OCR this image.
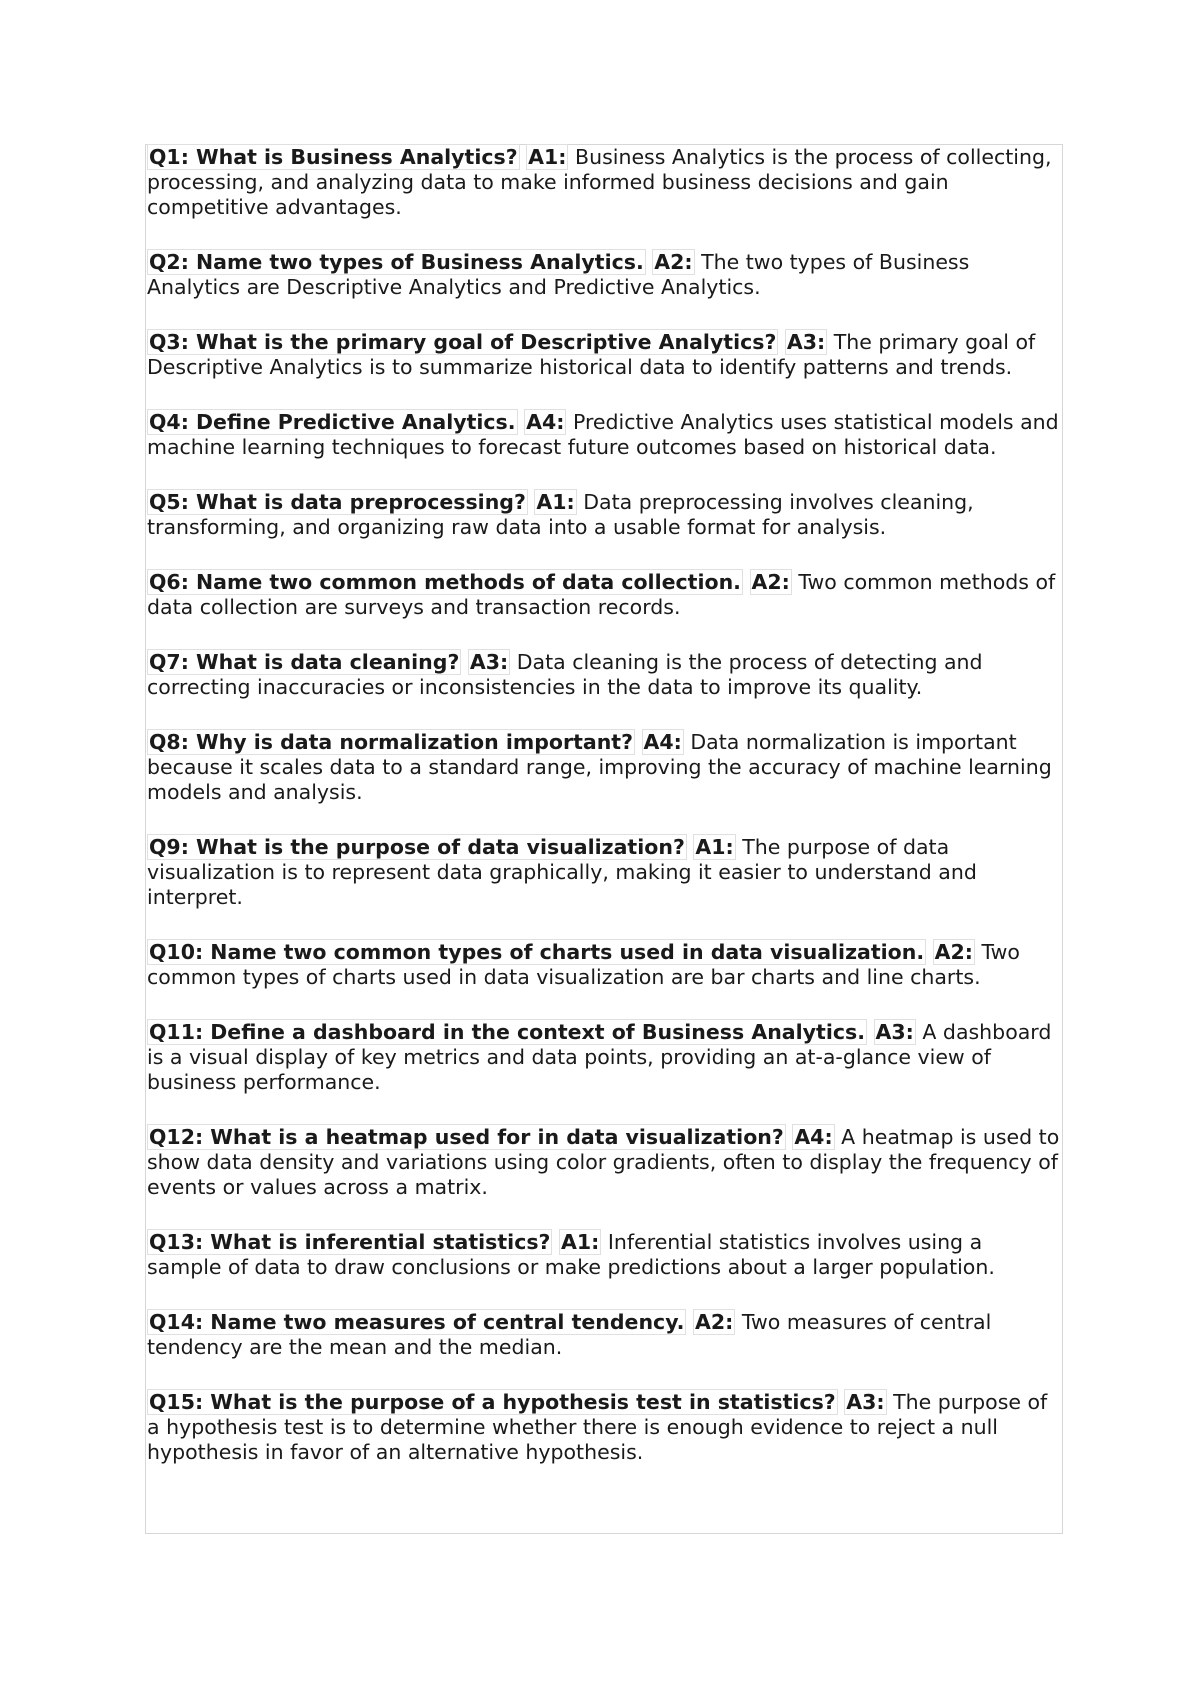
Q1: What is Business Analytics? A1: Business Analytics is the process of collecting, processing, and analyzing data to make informed business decisions and gain competitive advantages.

Q2: Name two types of Business Analytics. A2: The two types of Business Analytics are Descriptive Analytics and Predictive Analytics.

Q3: What is the primary goal of Descriptive Analytics? A3: The primary goal of Descriptive Analytics is to summarize historical data to identify patterns and trends.

Q4: Define Predictive Analytics. A4: Predictive Analytics uses statistical models and machine learning techniques to forecast future outcomes based on historical data.

Q5: What is data preprocessing? A1: Data preprocessing involves cleaning, transforming, and organizing raw data into a usable format for analysis.

Q6: Name two common methods of data collection. A2: Two common methods of data collection are surveys and transaction records.

Q7: What is data cleaning? A3: Data cleaning is the process of detecting and correcting inaccuracies or inconsistencies in the data to improve its quality.

Q8: Why is data normalization important? A4: Data normalization is important because it scales data to a standard range, improving the accuracy of machine learning models and analysis.

Q9: What is the purpose of data visualization? A1: The purpose of data visualization is to represent data graphically, making it easier to understand and interpret.

Q10: Name two common types of charts used in data visualization. A2: Two common types of charts used in data visualization are bar charts and line charts.

Q11: Define a dashboard in the context of Business Analytics. A3: A dashboard is a visual display of key metrics and data points, providing an at-a-glance view of business performance.

Q12: What is a heatmap used for in data visualization? A4: A heatmap is used to show data density and variations using color gradients, often to display the frequency of events or values across a matrix.

Q13: What is inferential statistics? A1: Inferential statistics involves using a sample of data to draw conclusions or make predictions about a larger population.

Q14: Name two measures of central tendency. A2: Two measures of central tendency are the mean and the median.

Q15: What is the purpose of a hypothesis test in statistics? A3: The purpose of a hypothesis test is to determine whether there is enough evidence to reject a null hypothesis in favor of an alternative hypothesis.
